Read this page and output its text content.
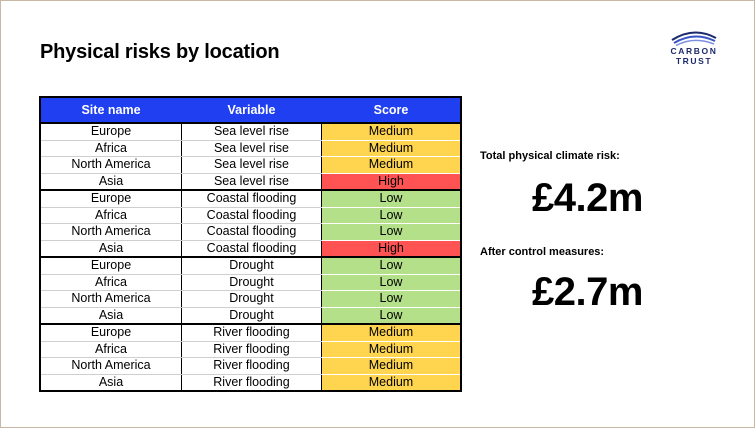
Physical risks by location	CARBON
TRUST
Site name	Variable	Score
Europe	Sea level rise	Medium
Africa	Sea level rise	Medium
North America	Sea level rise	Medium
Asia	Sea level rise	High
Europe	Coastal flooding	Low
Africa	Coastal flooding	Low
North America	Coastal flooding	Low
Asia	Coastal flooding	High
Europe	Drought	Low
Africa	Drought	Low
North America	Drought	Low
Asia	Drought	Low
Europe	River flooding	Medium
Africa	River flooding	Medium
North America	River flooding	Medium
Asia	River flooding	Medium
Total physical climate risk:
£4.2m
After control measures:
£2.7m
